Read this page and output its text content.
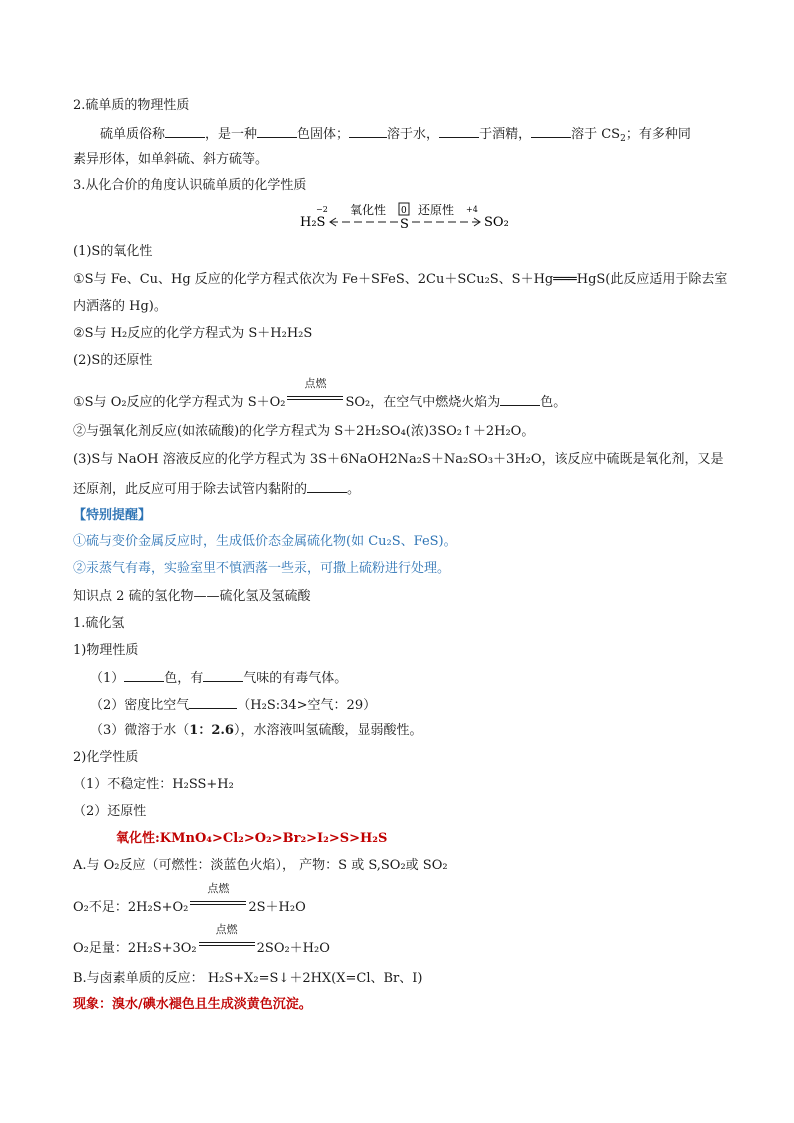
2.硫单质的物理性质
硫单质俗称	，是一种	色固体；	溶于水，	于酒精，	溶于 $CS_2$；有多种同
素异形体，如单斜硫、斜方硫等。
3.从化合价的角度认识硫单质的化学性质
H₂S
−2 氧化性 0
S
还原性 +4
SO₂
(1)S的氧化性
①S与 Fe、Cu、Hg 反应的化学方程式依次为 Fe＋SFeS、2Cu＋SCu₂S、S＋Hg═══HgS(此反应适用于除去室
内洒落的 Hg)。
②S与 H₂反应的化学方程式为 S＋H₂H₂S
(2)S的还原性
①S与 O₂反应的化学方程式为 S＋O₂
点燃
SO₂，在空气中燃烧火焰为	色。
②与强氧化剂反应(如浓硫酸)的化学方程式为 S＋2H₂SO₄(浓)3SO₂↑＋2H₂O。
(3)S与 NaOH 溶液反应的化学方程式为 3S＋6NaOH2Na₂S＋Na₂SO₃＋3H₂O，该反应中硫既是氧化剂，又是
还原剂，此反应可用于除去试管内黏附的	。
【特别提醒】
①硫与变价金属反应时，生成低价态金属硫化物(如 Cu₂S、FeS)。
②汞蒸气有毒，实验室里不慎洒落一些汞，可撒上硫粉进行处理。
知识点 2 硫的氢化物——硫化氢及氢硫酸
1.硫化氢
1)物理性质
（1）	色，有	气味的有毒气体。
（2）密度比空气	（H₂S:34>空气：29）
（3）微溶于水（1：2.6），水溶液叫氢硫酸，显弱酸性。
2)化学性质
（1）不稳定性：H₂SS+H₂
（2）还原性
氧化性:KMnO₄>Cl₂>O₂>Br₂>I₂>S>H₂S
A.与 O₂反应（可燃性：淡蓝色火焰）， 产物：S 或 S,SO₂或 SO₂
O₂不足：2H₂S+O₂
点燃
2S＋H₂O
O₂足量：2H₂S+3O₂
点燃
2SO₂＋H₂O
B.与卤素单质的反应： H₂S+X₂=S↓＋2HX(X=Cl、Br、I)
现象：溴水/碘水褪色且生成淡黄色沉淀。
